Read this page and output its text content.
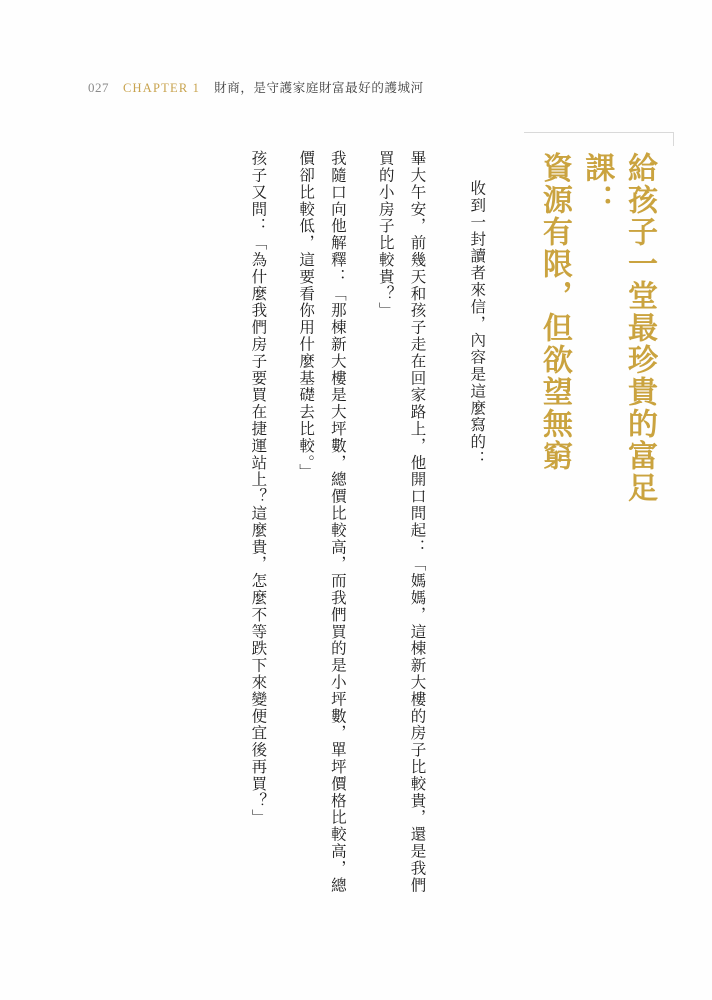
027 CHAPTER 1 財商，是守護家庭財富最好的護城河
孩子又問：「為什麼我們房子要買在捷運站上？這麼貴，怎麼不等跌下來變便宜後再買？」	我隨口向他解釋：「那棟新大樓是大坪數，總價比較高，而我們買的是小坪數，單坪價格比較高，總價卻比較低，這要看你用什麼基礎去比較。」	畢大午安，前幾天和孩子走在回家路上，他開口問起：「媽媽，這棟新大樓的房子比較貴，還是我們買的小房子比較貴？」	收到一封讀者來信，內容是這麼寫的：	給孩子一堂最珍貴的富足課：
資源有限，但欲望無窮
